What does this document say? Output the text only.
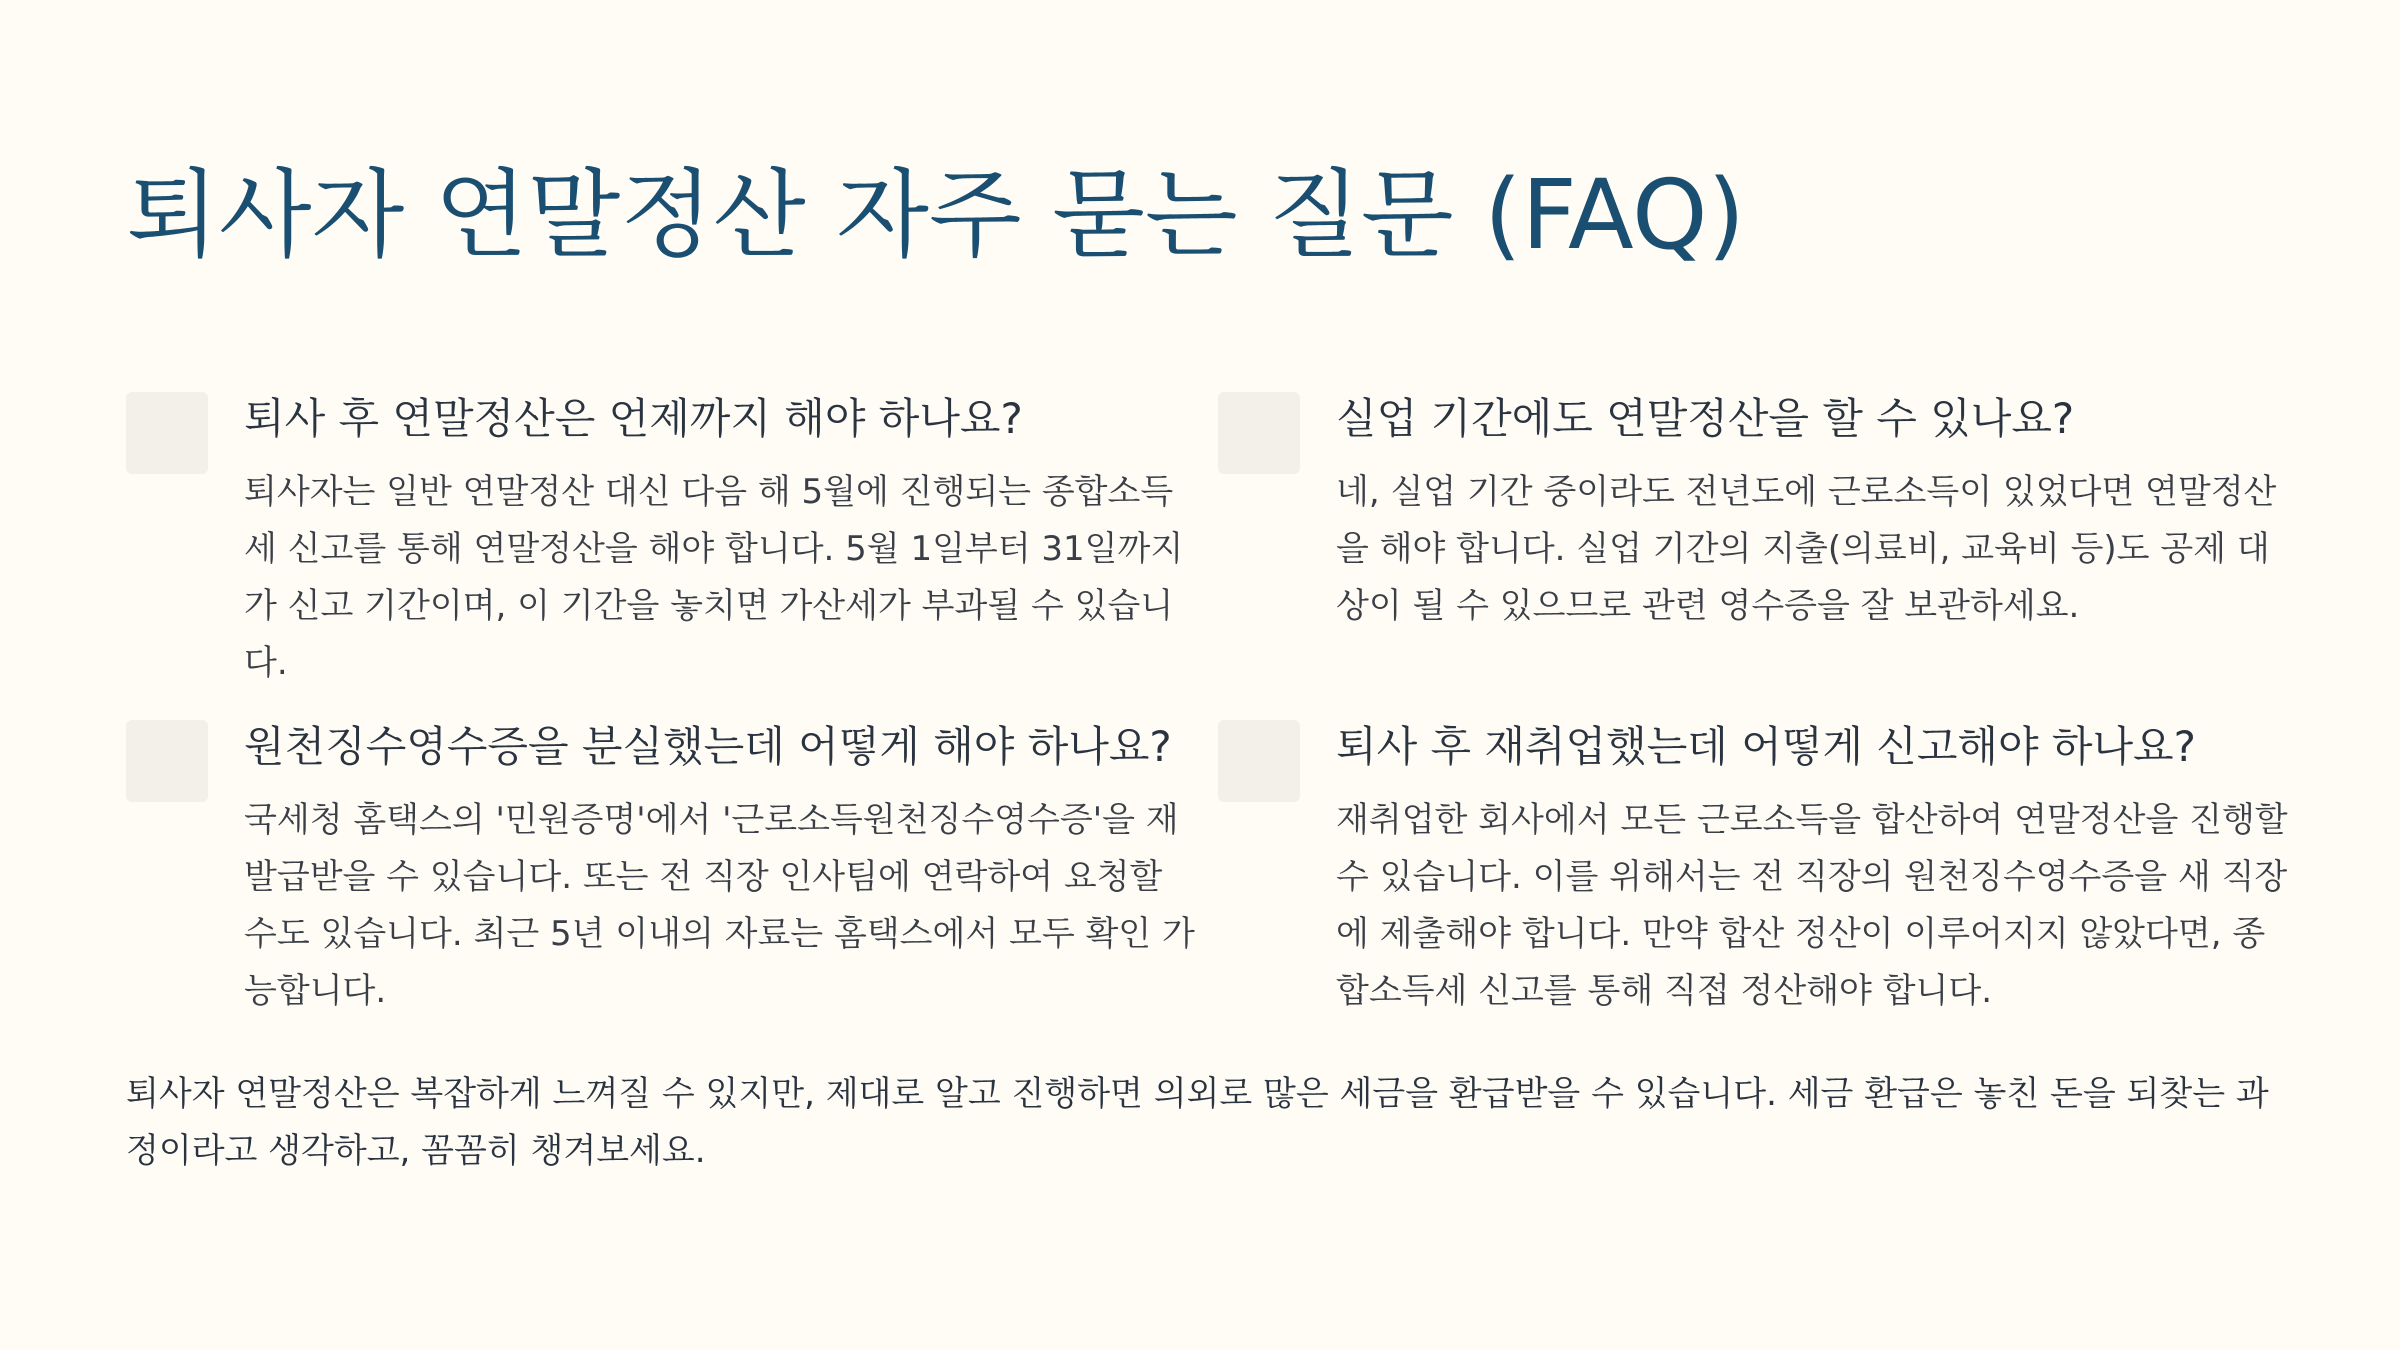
퇴사자 연말정산 자주 묻는 질문 (FAQ)
퇴사 후 연말정산은 언제까지 해야 하나요?

퇴사자는 일반 연말정산 대신 다음 해 5월에 진행되는 종합소득세 신고를 통해 연말정산을 해야 합니다. 5월 1일부터 31일까지가 신고 기간이며, 이 기간을 놓치면 가산세가 부과될 수 있습니다.

실업 기간에도 연말정산을 할 수 있나요?

네, 실업 기간 중이라도 전년도에 근로소득이 있었다면 연말정산을 해야 합니다. 실업 기간의 지출(의료비, 교육비 등)도 공제 대상이 될 수 있으므로 관련 영수증을 잘 보관하세요.

원천징수영수증을 분실했는데 어떻게 해야 하나요?

국세청 홈택스의 '민원증명'에서 '근로소득원천징수영수증'을 재발급받을 수 있습니다. 또는 전 직장 인사팀에 연락하여 요청할 수도 있습니다. 최근 5년 이내의 자료는 홈택스에서 모두 확인 가능합니다.

퇴사 후 재취업했는데 어떻게 신고해야 하나요?

재취업한 회사에서 모든 근로소득을 합산하여 연말정산을 진행할 수 있습니다. 이를 위해서는 전 직장의 원천징수영수증을 새 직장에 제출해야 합니다. 만약 합산 정산이 이루어지지 않았다면, 종합소득세 신고를 통해 직접 정산해야 합니다.

퇴사자 연말정산은 복잡하게 느껴질 수 있지만, 제대로 알고 진행하면 의외로 많은 세금을 환급받을 수 있습니다. 세금 환급은 놓친 돈을 되찾는 과정이라고 생각하고, 꼼꼼히 챙겨보세요.
